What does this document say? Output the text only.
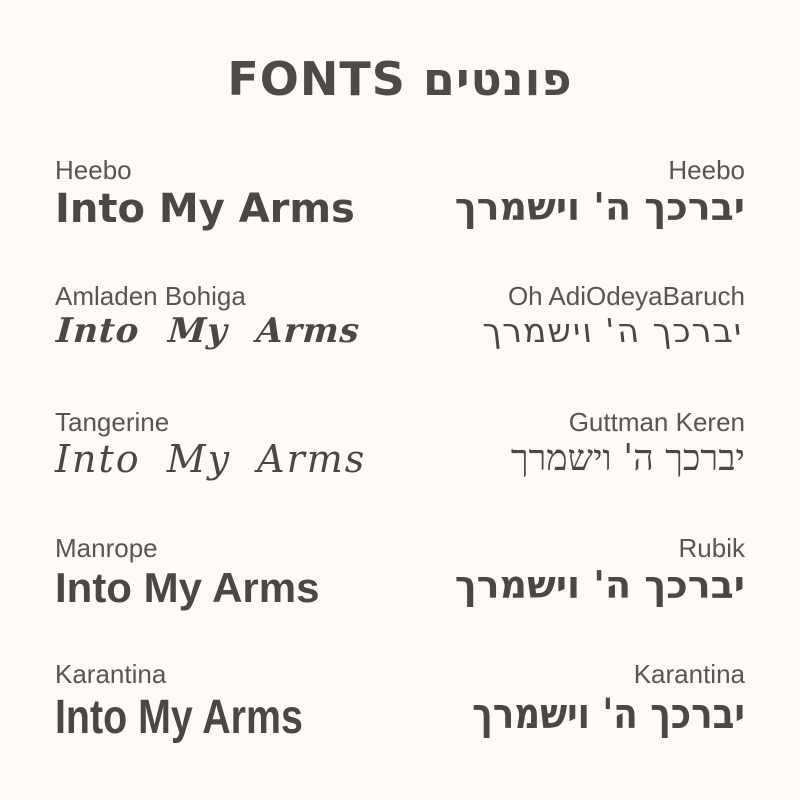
FONTS פונטים
Heebo
Into My Arms
Heebo
יברכך ה' וישמרך
Amladen Bohiga
Into My Arms
Oh AdiOdeyaBaruch
יברכך ה' וישמרך
Tangerine
Into My Arms
Guttman Keren
יברכך ה' וישמרך
Manrope
Into My Arms
Rubik
יברכך ה' וישמרך
Karantina
Into My Arms
Karantina
יברכך ה' וישמרך
